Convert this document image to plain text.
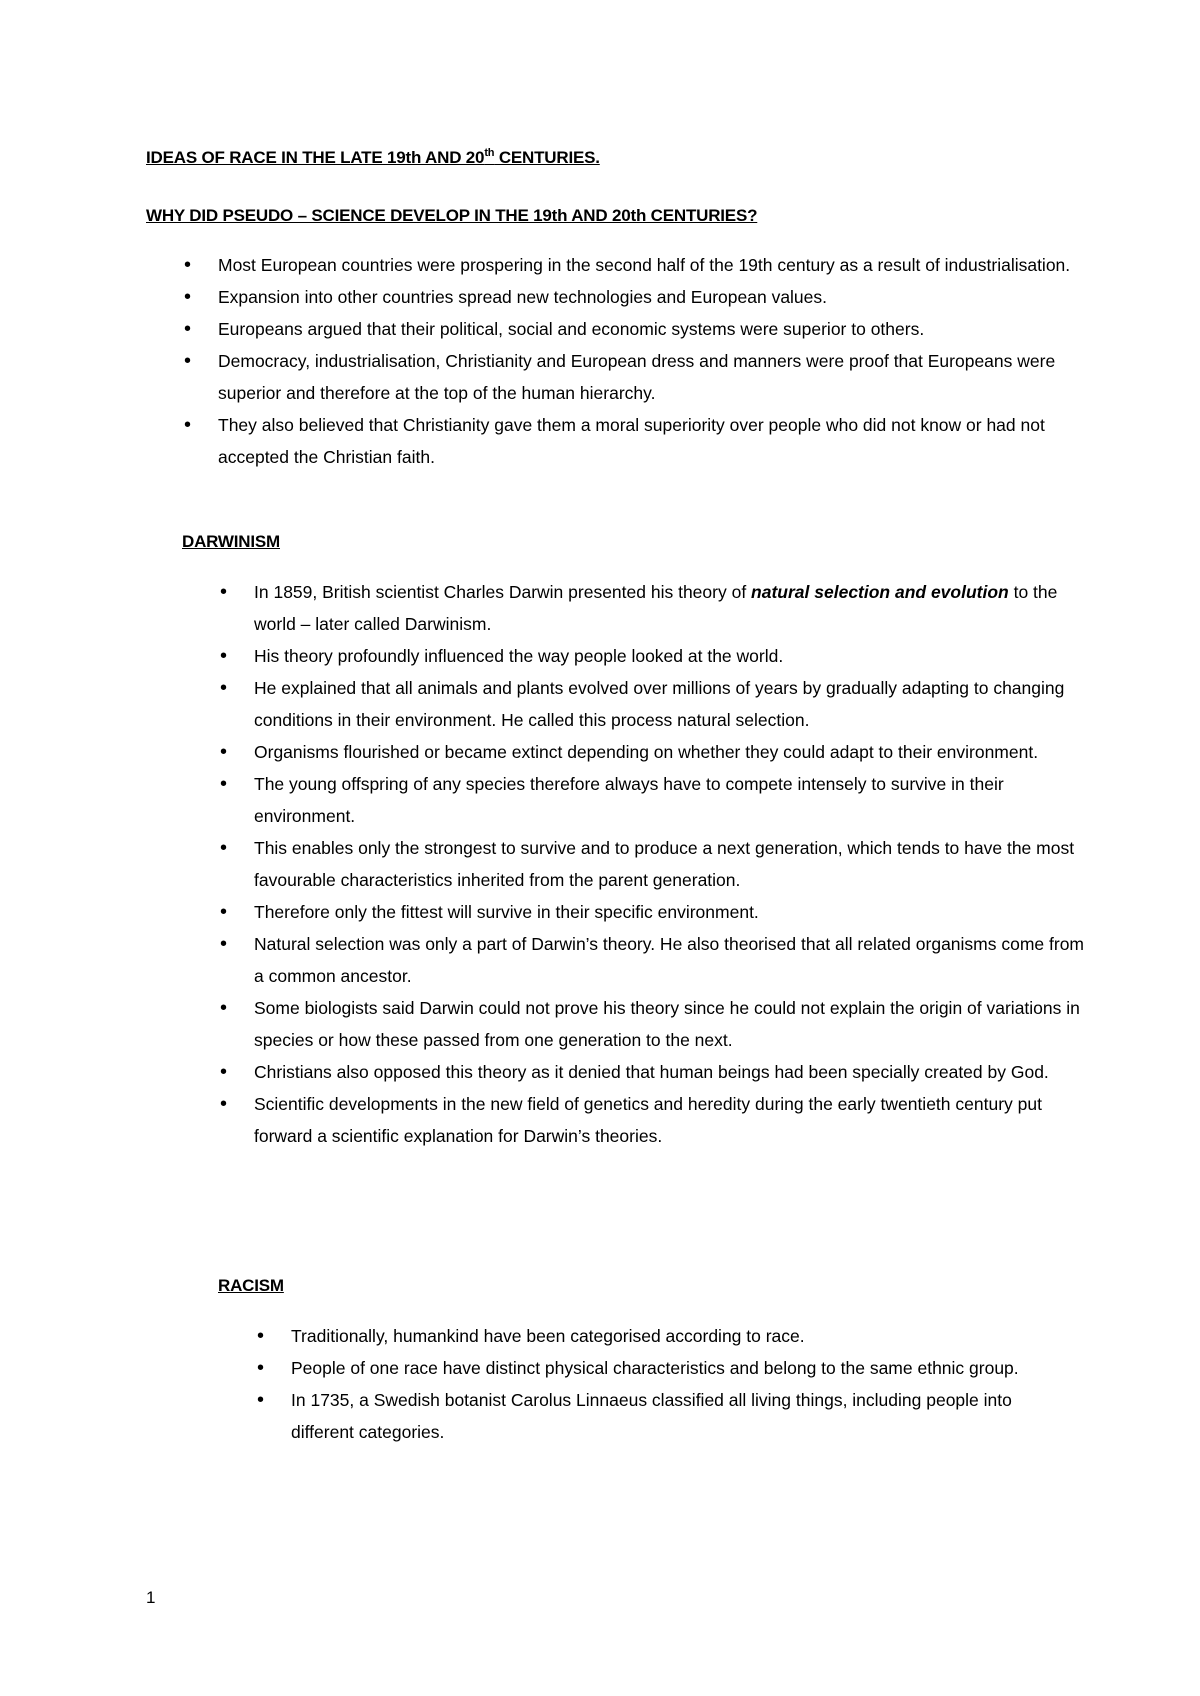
IDEAS OF RACE IN THE LATE 19th AND 20th CENTURIES.
WHY DID PSEUDO – SCIENCE DEVELOP IN THE 19th AND 20th CENTURIES?
• Most European countries were prospering in the second half of the 19th century as a result of industrialisation.
• Expansion into other countries spread new technologies and European values.
• Europeans argued that their political, social and economic systems were superior to others.
• Democracy, industrialisation, Christianity and European dress and manners were proof that Europeans were superior and therefore at the top of the human hierarchy.
• They also believed that Christianity gave them a moral superiority over people who did not know or had not accepted the Christian faith.
DARWINISM
• In 1859, British scientist Charles Darwin presented his theory of natural selection and evolution to the world – later called Darwinism.
• His theory profoundly influenced the way people looked at the world.
• He explained that all animals and plants evolved over millions of years by gradually adapting to changing conditions in their environment. He called this process natural selection.
• Organisms flourished or became extinct depending on whether they could adapt to their environment.
• The young offspring of any species therefore always have to compete intensely to survive in their environment.
• This enables only the strongest to survive and to produce a next generation, which tends to have the most favourable characteristics inherited from the parent generation.
• Therefore only the fittest will survive in their specific environment.
• Natural selection was only a part of Darwin’s theory. He also theorised that all related organisms come from a common ancestor.
• Some biologists said Darwin could not prove his theory since he could not explain the origin of variations in species or how these passed from one generation to the next.
• Christians also opposed this theory as it denied that human beings had been specially created by God.
• Scientific developments in the new field of genetics and heredity during the early twentieth century put forward a scientific explanation for Darwin’s theories.
RACISM
• Traditionally, humankind have been categorised according to race.
• People of one race have distinct physical characteristics and belong to the same ethnic group.
• In 1735, a Swedish botanist Carolus Linnaeus classified all living things, including people into different categories.
1
